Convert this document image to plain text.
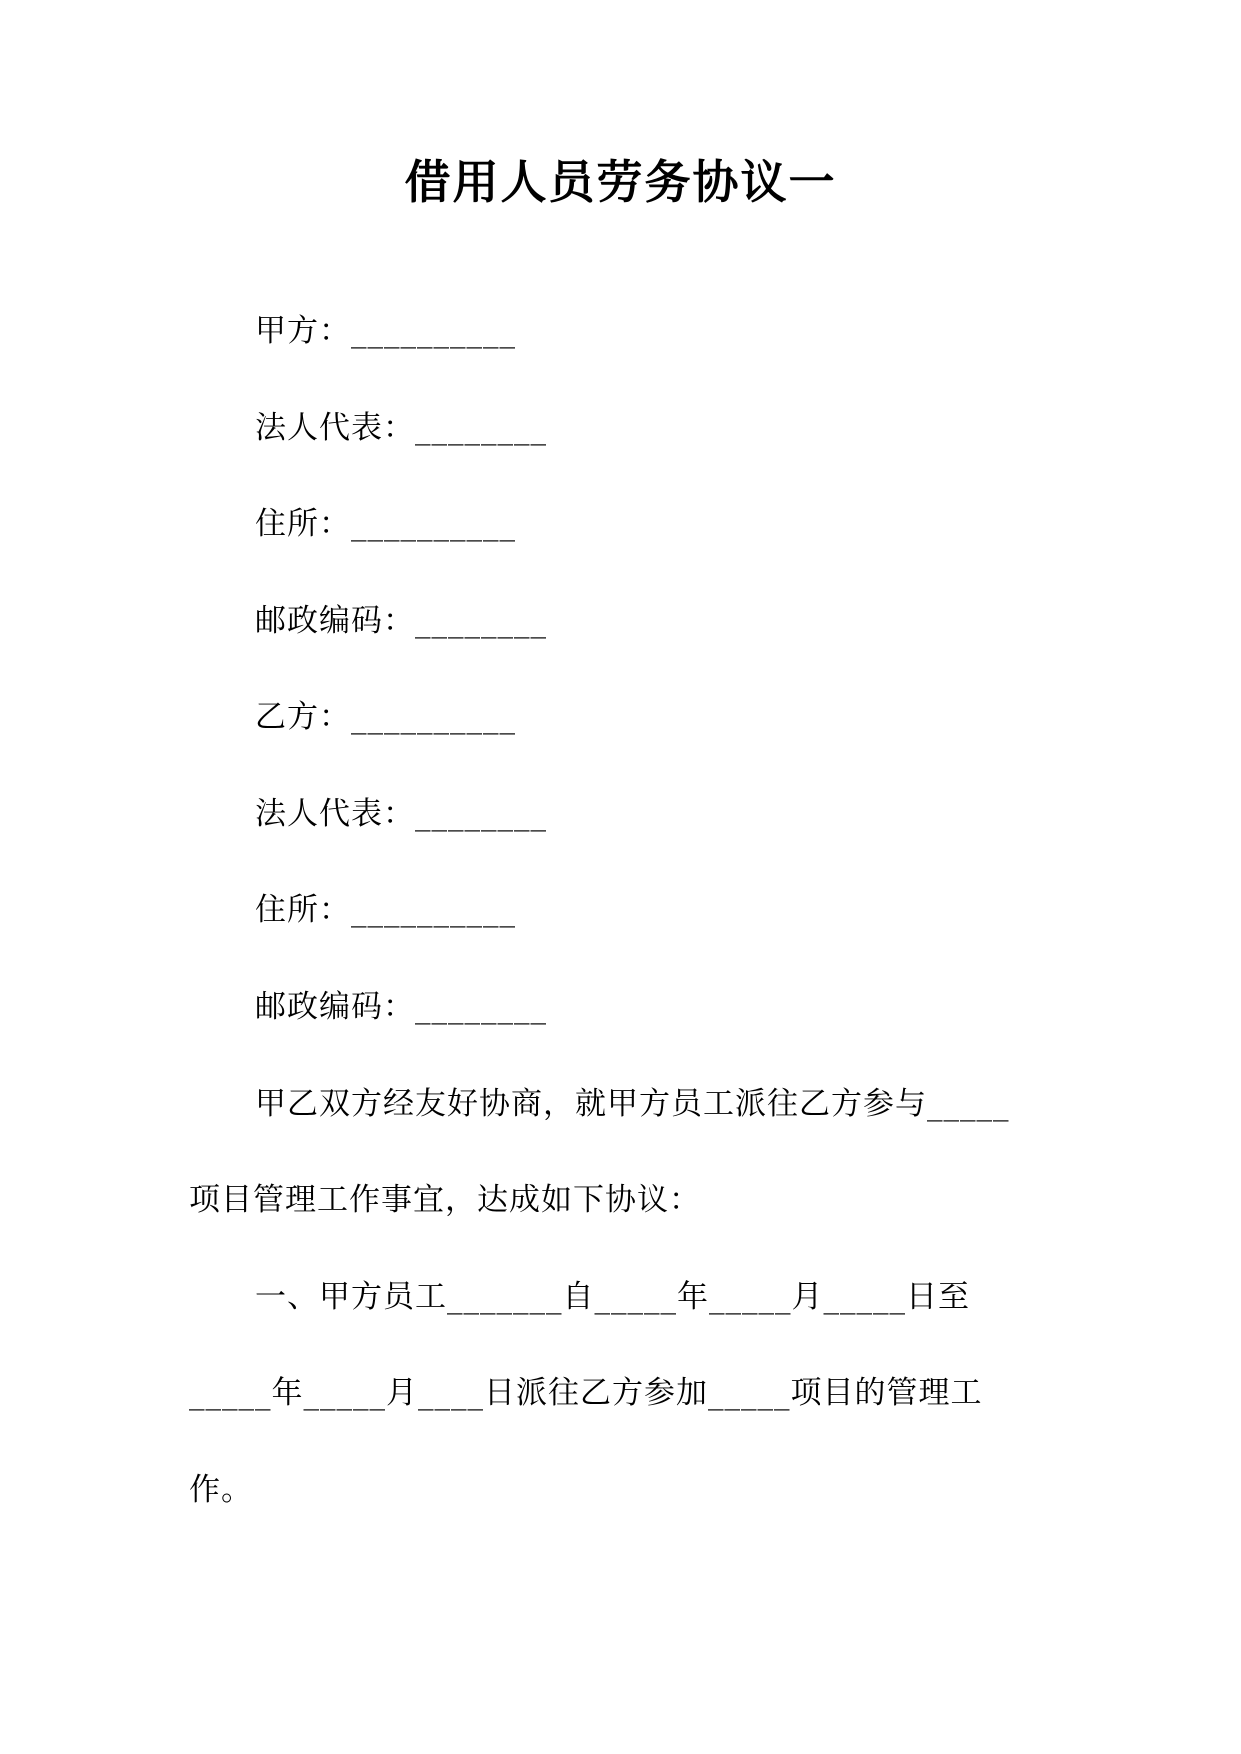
借用人员劳务协议一
甲方：__________
法人代表：________
住所：__________
邮政编码：________
乙方：__________
法人代表：________
住所：__________
邮政编码：________
甲乙双方经友好协商，就甲方员工派往乙方参与_____
项目管理工作事宜，达成如下协议：
一、甲方员工_______自_____年_____月_____日至
_____年_____月____日派往乙方参加_____项目的管理工
作。
